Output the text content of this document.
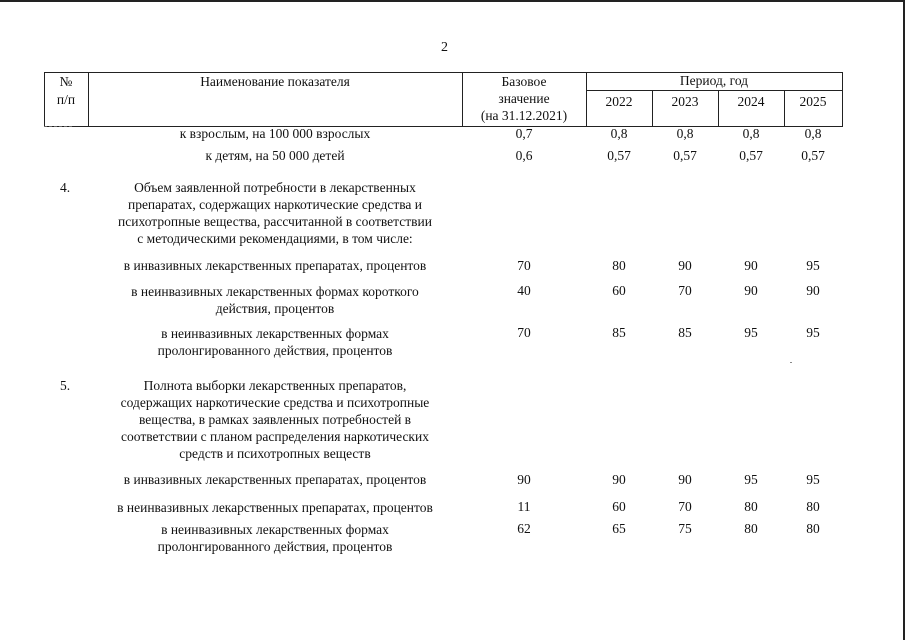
2
№
п/п
Наименование показателя	Базовое
значение
(на 31.12.2021)
Период, год
2022	2023	2024	2025
к взрослым, на 100 000 взрослых	0,7	0,8	0,8	0,8	0,8
к детям, на 50 000 детей	0,6	0,57	0,57	0,57	0,57
4.	Объем заявленной потребности в лекарственных
препаратах, содержащих наркотические средства и
психотропные вещества, рассчитанной в соответствии
с методическими рекомендациями, в том числе:
в инвазивных лекарственных препаратах, процентов	70	80	90	90	95
в неинвазивных лекарственных формах короткого
действия, процентов
40	60	70	90	90
в неинвазивных лекарственных формах
пролонгированного действия, процентов
70	85	85	95	95
5.	Полнота выборки лекарственных препаратов,
содержащих наркотические средства и психотропные
вещества, в рамках заявленных потребностей в
соответствии с планом распределения наркотических
средств и психотропных веществ
в инвазивных лекарственных препаратах, процентов	90	90	90	95	95
в неинвазивных лекарственных препаратах, процентов	11	60	70	80	80
в неинвазивных лекарственных формах
пролонгированного действия, процентов
62	65	75	80	80
